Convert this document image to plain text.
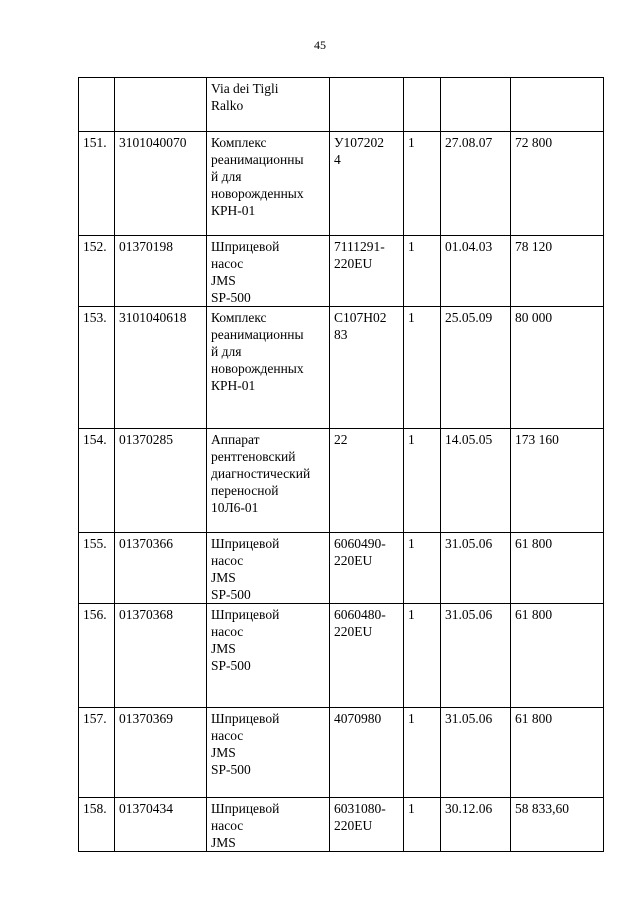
45

		Via dei Tigli
Ralko				

151.	3101040070	Комплекс
реанимационны
й для
новорожденных
КРН-01	У107202
4	1	27.08.07	72 800

152.	01370198	Шприцевой
насос
JMS
SP-500	7111291-
220EU	1	01.04.03	78 120

153.	3101040618	Комплекс
реанимационны
й для
новорожденных
КРН-01	С107Н02
83	1	25.05.09	80 000

154.	01370285	Аппарат
рентгеновский
диагностический
переносной
10Л6-01	22	1	14.05.05	173 160

155.	01370366	Шприцевой
насос
JMS
SP-500	6060490-
220EU	1	31.05.06	61 800

156.	01370368	Шприцевой
насос
JMS
SP-500	6060480-
220EU	1	31.05.06	61 800

157.	01370369	Шприцевой
насос
JMS
SP-500	4070980	1	31.05.06	61 800

158.	01370434	Шприцевой
насос
JMS	6031080-
220EU	1	30.12.06	58 833,60
